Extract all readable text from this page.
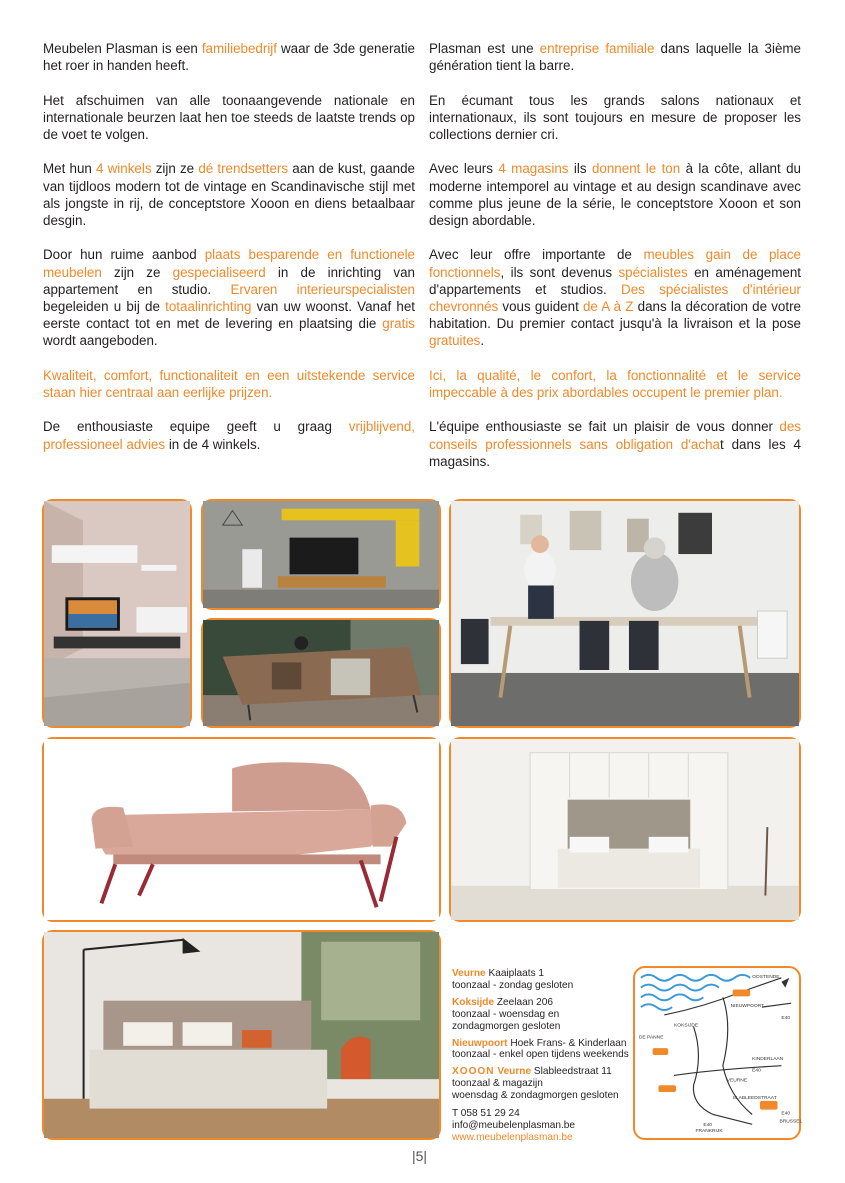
Meubelen Plasman is een familiebedrijf waar de 3de generatie het roer in handen heeft.

Het afschuimen van alle toonaangevende nationale en internationale beurzen laat hen toe steeds de laatste trends op de voet te volgen.

Met hun 4 winkels zijn ze dé trendsetters aan de kust, gaande van tijdloos modern tot de vintage en Scandinavische stijl met als jongste in rij, de conceptstore Xooon en diens betaalbaar desgin.

Door hun ruime aanbod plaats besparende en functionele meubelen zijn ze gespecialiseerd in de inrichting van appartement en studio. Ervaren interieurspecialisten begeleiden u bij de totaalinrichting van uw woonst. Vanaf het eerste contact tot en met de levering en plaatsing die gratis wordt aangeboden.

Kwaliteit, comfort, functionaliteit en een uitstekende service staan hier centraal aan eerlijke prijzen.

De enthousiaste equipe geeft u graag vrijblijvend, professioneel advies in de 4 winkels.

Plasman est une entreprise familiale dans laquelle la 3ième génération tient la barre.

En écumant tous les grands salons nationaux et internationaux, ils sont toujours en mesure de proposer les collections dernier cri.

Avec leurs 4 magasins ils donnent le ton à la côte, allant du moderne intemporel au vintage et au design scandinave avec comme plus jeune de la série, le conceptstore Xooon et son design abordable.

Avec leur offre importante de meubles gain de place fonctionnels, ils sont devenus spécialistes en aménagement d'appartements et studios. Des spécialistes d'intérieur chevronnés vous guident de A à Z dans la décoration de votre habitation. Du premier contact jusqu'à la livraison et la pose gratuites.

Ici, la qualité, le confort, la fonctionnalité et le service impeccable à des prix abordables occupent le premier plan.

L'équipe enthousiaste se fait un plaisir de vous donner des conseils professionnels sans obligation d'achat dans les 4 magasins.

Veurne Kaaiplaats 1
toonzaal - zondag gesloten
Koksijde Zeelaan 206
toonzaal - woensdag en
zondagmorgen gesloten
Nieuwpoort Hoek Frans- & Kinderlaan
toonzaal - enkel open tijdens weekends
XOOON Veurne Slableedstraat 11
toonzaal & magazijn
woensdag & zondagmorgen gesloten
T 058 51 29 24
info@meubelenplasman.be
www.meubelenplasman.be
OOSTENDE
NIEUWPOORT
KOKSIJDE
DE PANNE
VEURNE
E40
E40
E40
E40
BRUSSEL
FRANKRIJK
KINDERLAAN
SLABLEEDSTRAAT
|5|
